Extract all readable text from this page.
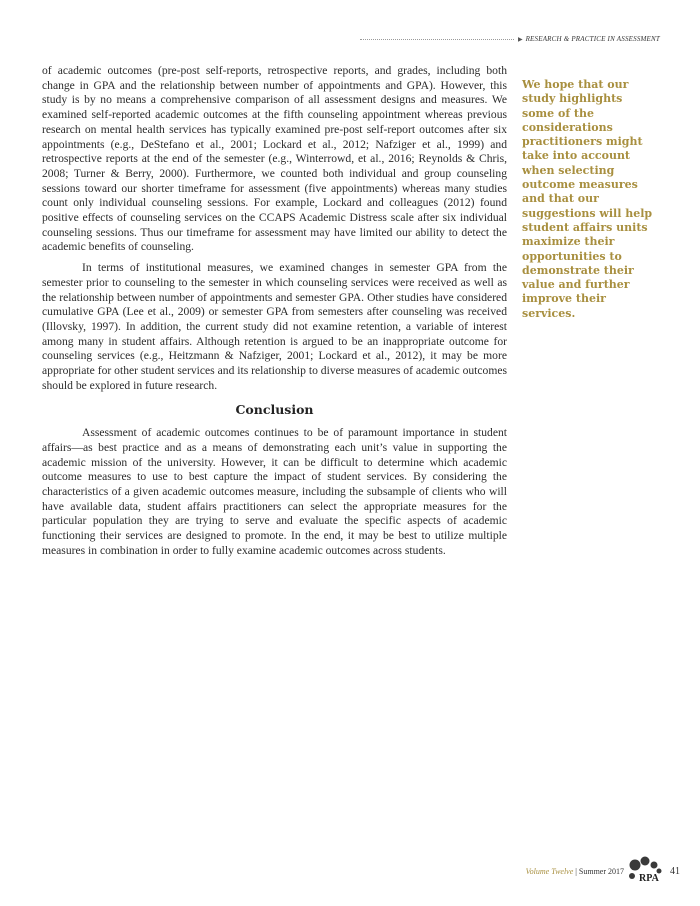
▶ RESEARCH & PRACTICE IN ASSESSMENT

of academic outcomes (pre-post self-reports, retrospective reports, and grades, including both change in GPA and the relationship between number of appointments and GPA). However, this study is by no means a comprehensive comparison of all assessment designs and measures. We examined self-reported academic outcomes at the fifth counseling appointment whereas previous research on mental health services has typically examined pre-post self-report outcomes after six appointments (e.g., DeStefano et al., 2001; Lockard et al., 2012; Nafziger et al., 1999) and retrospective reports at the end of the semester (e.g., Winterrowd, et al., 2016; Reynolds & Chris, 2008; Turner & Berry, 2000). Furthermore, we counted both individual and group counseling sessions toward our shorter timeframe for assessment (five appointments) whereas many studies count only individual counseling sessions. For example, Lockard and colleagues (2012) found positive effects of counseling services on the CCAPS Academic Distress scale after six individual counseling sessions. Thus our timeframe for assessment may have limited our ability to detect the academic benefits of counseling.

In terms of institutional measures, we examined changes in semester GPA from the semester prior to counseling to the semester in which counseling services were received as well as the relationship between number of appointments and semester GPA. Other studies have considered cumulative GPA (Lee et al., 2009) or semester GPA from semesters after counseling was received (Illovsky, 1997). In addition, the current study did not examine retention, a variable of interest among many in student affairs. Although retention is argued to be an inappropriate outcome for counseling services (e.g., Heitzmann & Nafziger, 2001; Lockard et al., 2012), it may be more appropriate for other student services and its relationship to diverse measures of academic outcomes should be explored in future research.

Conclusion

Assessment of academic outcomes continues to be of paramount importance in student affairs—as best practice and as a means of demonstrating each unit’s value in supporting the academic mission of the university. However, it can be difficult to determine which academic outcome measures to use to best capture the impact of student services. By considering the characteristics of a given academic outcomes measure, including the subsample of clients who will have available data, student affairs practitioners can select the appropriate measures for the particular population they are trying to serve and evaluate the specific aspects of academic functioning their services are designed to promote. In the end, it may be best to utilize multiple measures in combination in order to fully examine academic outcomes across students.

We hope that our study highlights some of the considerations practitioners might take into account when selecting outcome measures and that our suggestions will help student affairs units maximize their opportunities to demonstrate their value and further improve their services.
Volume Twelve | Summer 2017
RPA
41
